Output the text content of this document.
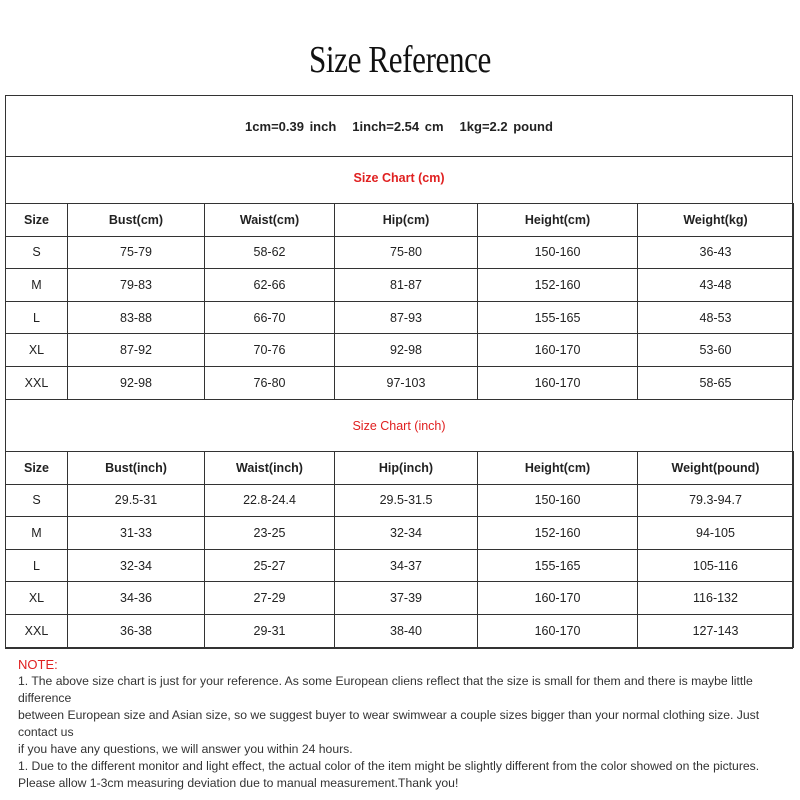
Size Reference
1cm=0.39 inch 1inch=2.54 cm 1kg=2.2 pound
Size Chart (cm)
Size	Bust(cm)	Waist(cm)	Hip(cm)	Height(cm)	Weight(kg)
S	75-79	58-62	75-80	150-160	36-43
M	79-83	62-66	81-87	152-160	43-48
L	83-88	66-70	87-93	155-165	48-53
XL	87-92	70-76	92-98	160-170	53-60
XXL	92-98	76-80	97-103	160-170	58-65
Size Chart (inch)
Size	Bust(inch)	Waist(inch)	Hip(inch)	Height(cm)	Weight(pound)
S	29.5-31	22.8-24.4	29.5-31.5	150-160	79.3-94.7
M	31-33	23-25	32-34	152-160	94-105
L	32-34	25-27	34-37	155-165	105-116
XL	34-36	27-29	37-39	160-170	116-132
XXL	36-38	29-31	38-40	160-170	127-143
NOTE:
1. The above size chart is just for your reference. As some European cliens reflect that the size is small for them and there is maybe little difference
between European size and Asian size, so we suggest buyer to wear swimwear a couple sizes bigger than your normal clothing size. Just contact us
if you have any questions, we will answer you within 24 hours.
1. Due to the different monitor and light effect, the actual color of the item might be slightly different from the color showed on the pictures.
Please allow 1-3cm measuring deviation due to manual measurement.Thank you!
